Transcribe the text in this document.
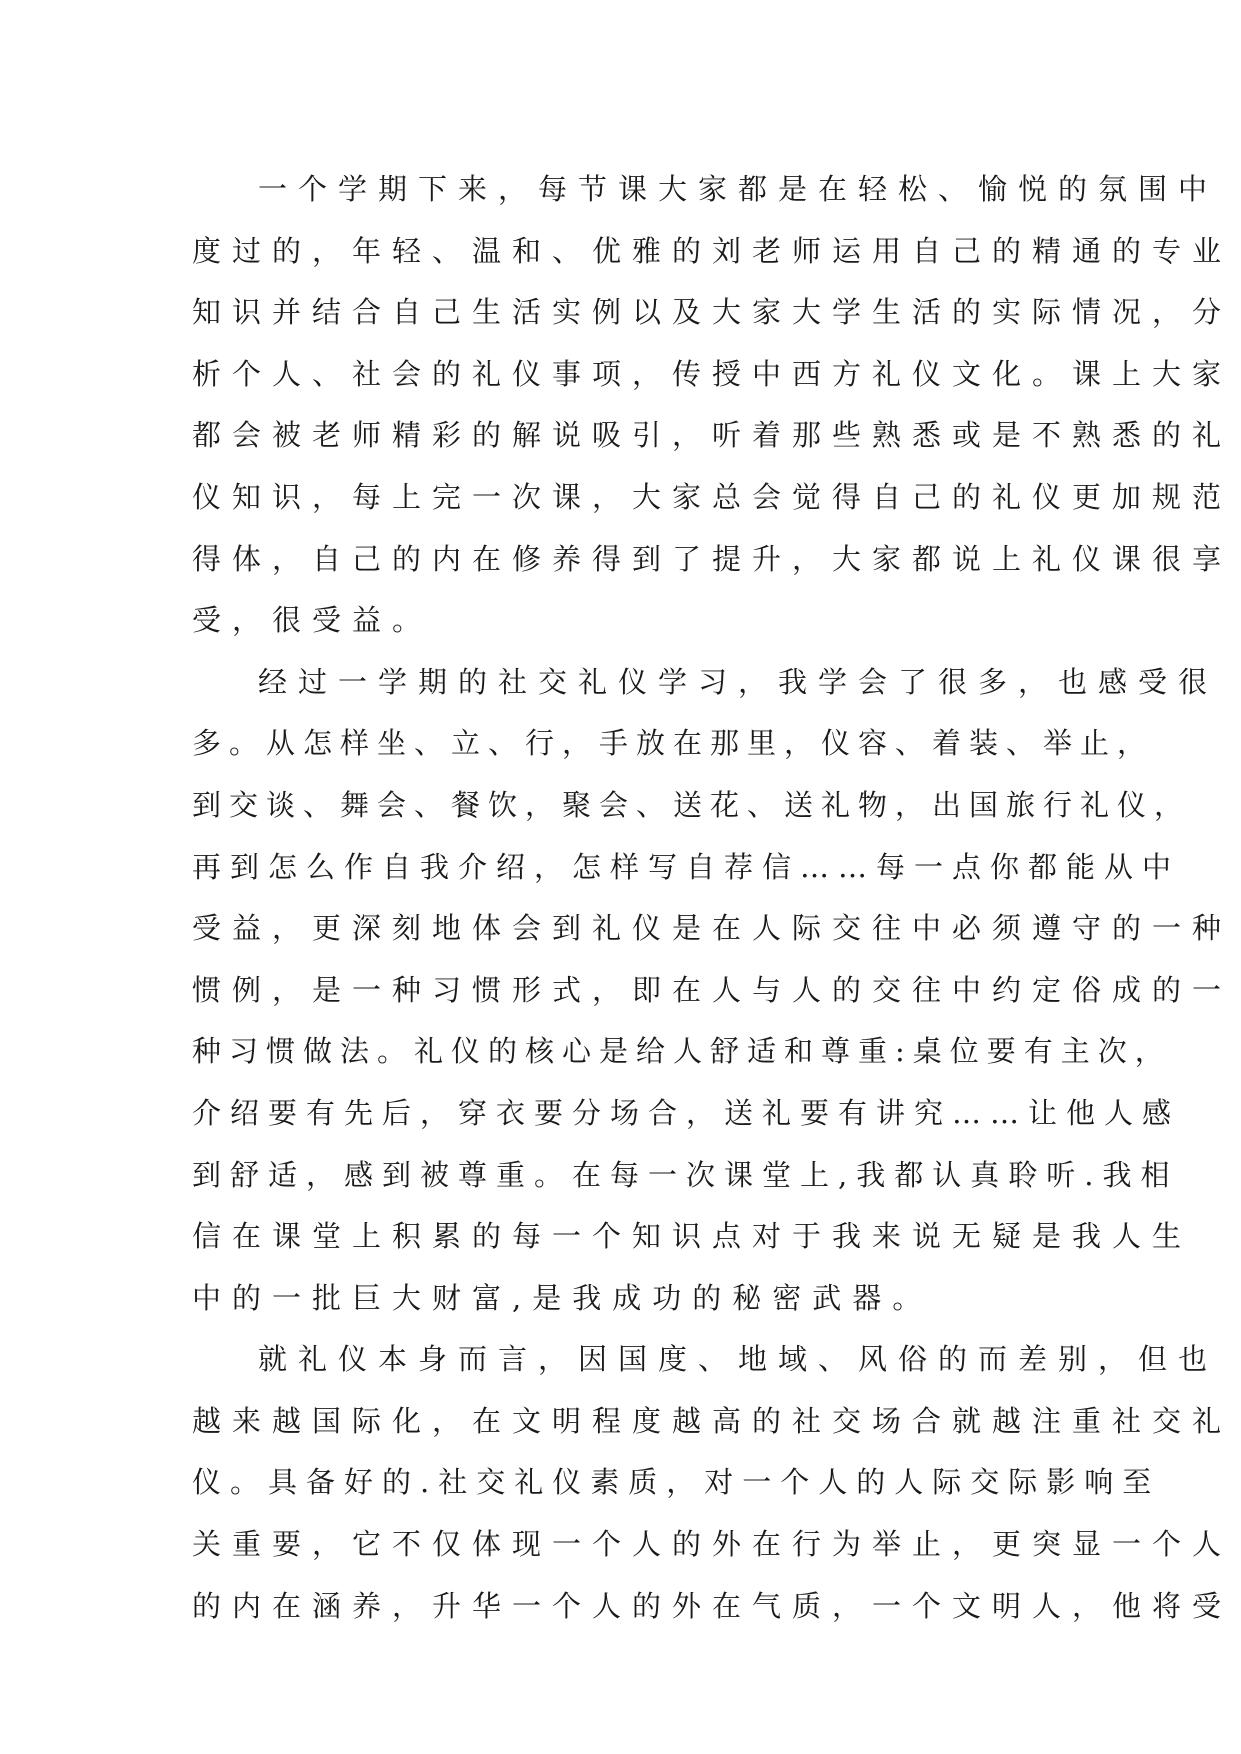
一个学期下来，每节课大家都是在轻松、愉悦的氛围中
度过的，年轻、温和、优雅的刘老师运用自己的精通的专业
知识并结合自己生活实例以及大家大学生活的实际情况，分
析个人、社会的礼仪事项，传授中西方礼仪文化。课上大家
都会被老师精彩的解说吸引，听着那些熟悉或是不熟悉的礼
仪知识，每上完一次课，大家总会觉得自己的礼仪更加规范
得体，自己的内在修养得到了提升，大家都说上礼仪课很享
受，很受益。
经过一学期的社交礼仪学习，我学会了很多，也感受很
多。从怎样坐、立、行，手放在那里，仪容、着装、举止，
到交谈、舞会、餐饮，聚会、送花、送礼物，出国旅行礼仪，
再到怎么作自我介绍，怎样写自荐信……每一点你都能从中
受益，更深刻地体会到礼仪是在人际交往中必须遵守的一种
惯例，是一种习惯形式，即在人与人的交往中约定俗成的一
种习惯做法。礼仪的核心是给人舒适和尊重:桌位要有主次，
介绍要有先后，穿衣要分场合，送礼要有讲究……让他人感
到舒适，感到被尊重。在每一次课堂上,我都认真聆听.我相
信在课堂上积累的每一个知识点对于我来说无疑是我人生
中的一批巨大财富,是我成功的秘密武器。
就礼仪本身而言，因国度、地域、风俗的而差别，但也
越来越国际化，在文明程度越高的社交场合就越注重社交礼
仪。具备好的.社交礼仪素质，对一个人的人际交际影响至
关重要，它不仅体现一个人的外在行为举止，更突显一个人
的内在涵养，升华一个人的外在气质，一个文明人，他将受
